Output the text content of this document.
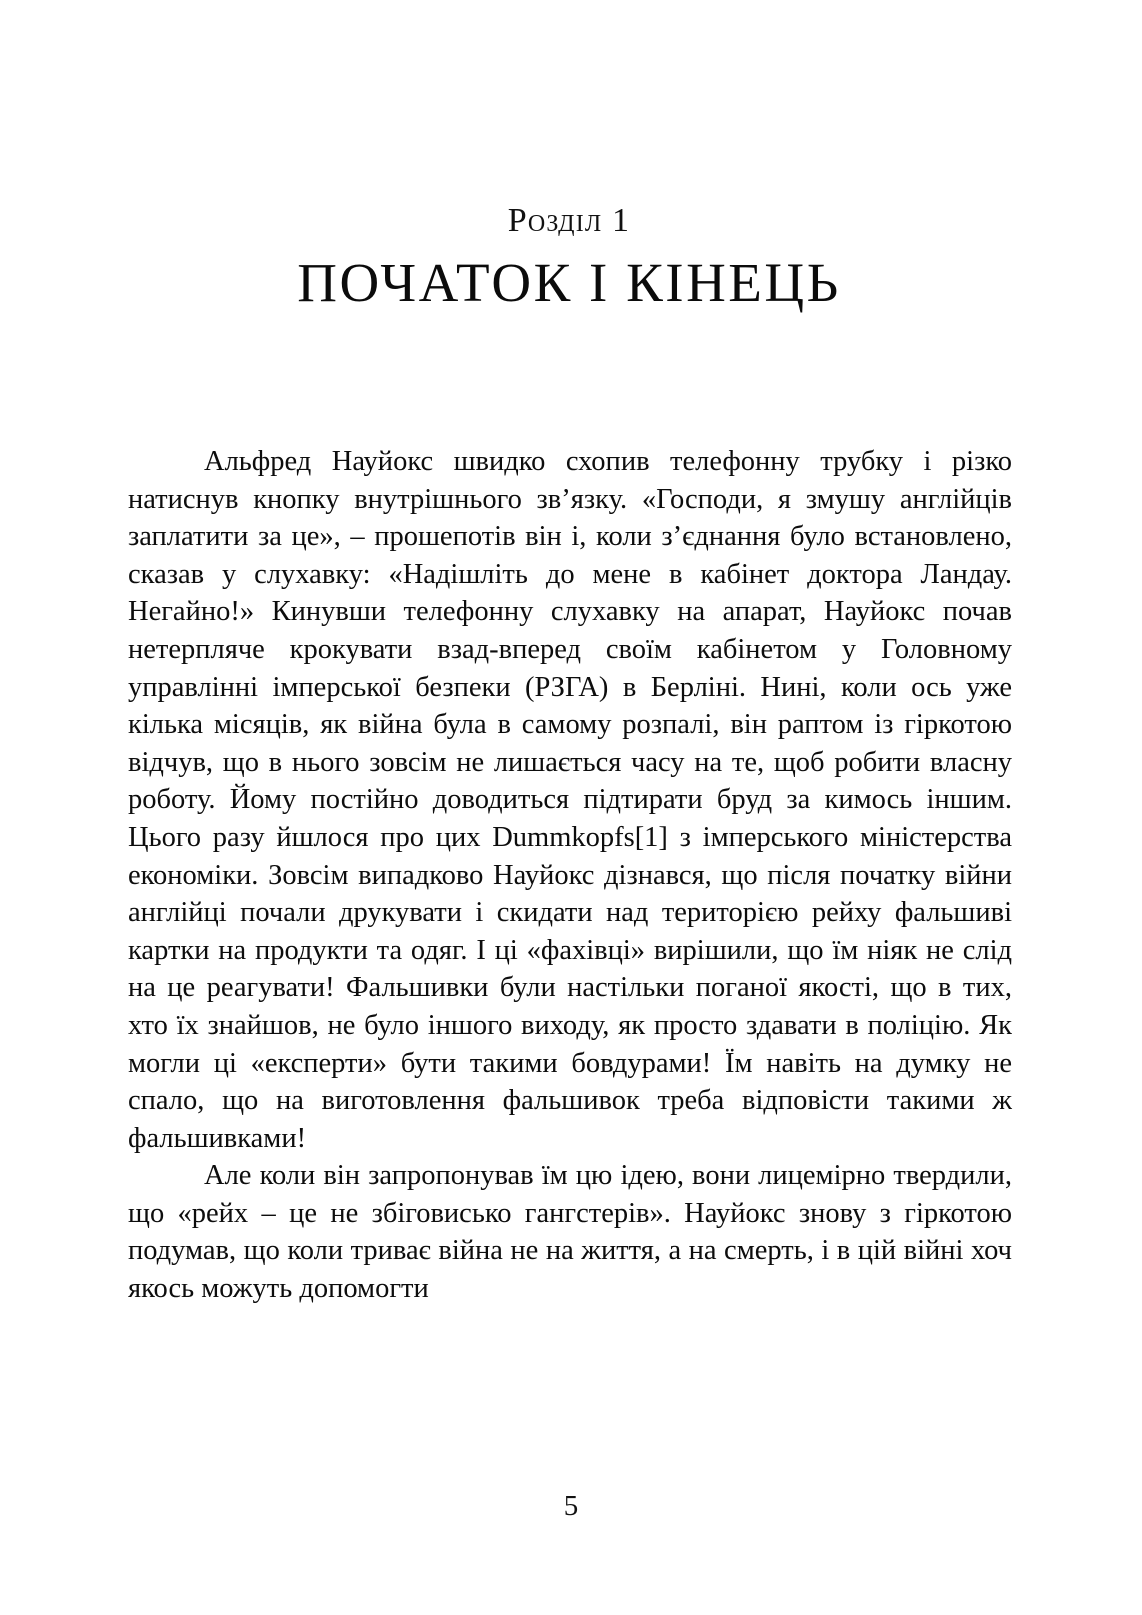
Розділ 1
ПОЧАТОК І КІНЕЦЬ

Альфред Науйокс швидко схопив телефонну трубку і різко натиснув кнопку внутрішнього зв’язку. «Господи, я змушу англійців заплатити за це», – прошепотів він і, коли з’єднання було встановлено, сказав у слухавку: «Надішліть до мене в кабінет доктора Ландау. Негайно!» Кинувши телефонну слухавку на апарат, Науйокс почав нетерпляче крокувати взад-вперед своїм кабінетом у Головному управлінні імперської безпеки (РЗГА) в Берліні. Нині, коли ось уже кілька місяців, як війна була в самому розпалі, він раптом із гіркотою відчув, що в нього зовсім не лишається часу на те, щоб робити власну роботу. Йому постійно доводиться підтирати бруд за кимось іншим. Цього разу йшлося про цих Dummkopfs[1] з імперського міністерства економіки. Зовсім випадково Науйокс дізнався, що після початку війни англійці почали друкувати і скидати над територією рейху фальшиві картки на продукти та одяг. І ці «фахівці» вирішили, що їм ніяк не слід на це реагувати! Фальшивки були настільки поганої якості, що в тих, хто їх знайшов, не було іншого виходу, як просто здавати в поліцію. Як могли ці «експерти» бути такими бовдурами! Їм навіть на думку не спало, що на виготовлення фальшивок треба відповісти такими ж фальшивками!

Але коли він запропонував їм цю ідею, вони лицемірно твердили, що «рейх – це не збіговисько гангстерів». Науйокс знову з гіркотою подумав, що коли триває війна не на життя, а на смерть, і в цій війні хоч якось можуть допомогти

5
